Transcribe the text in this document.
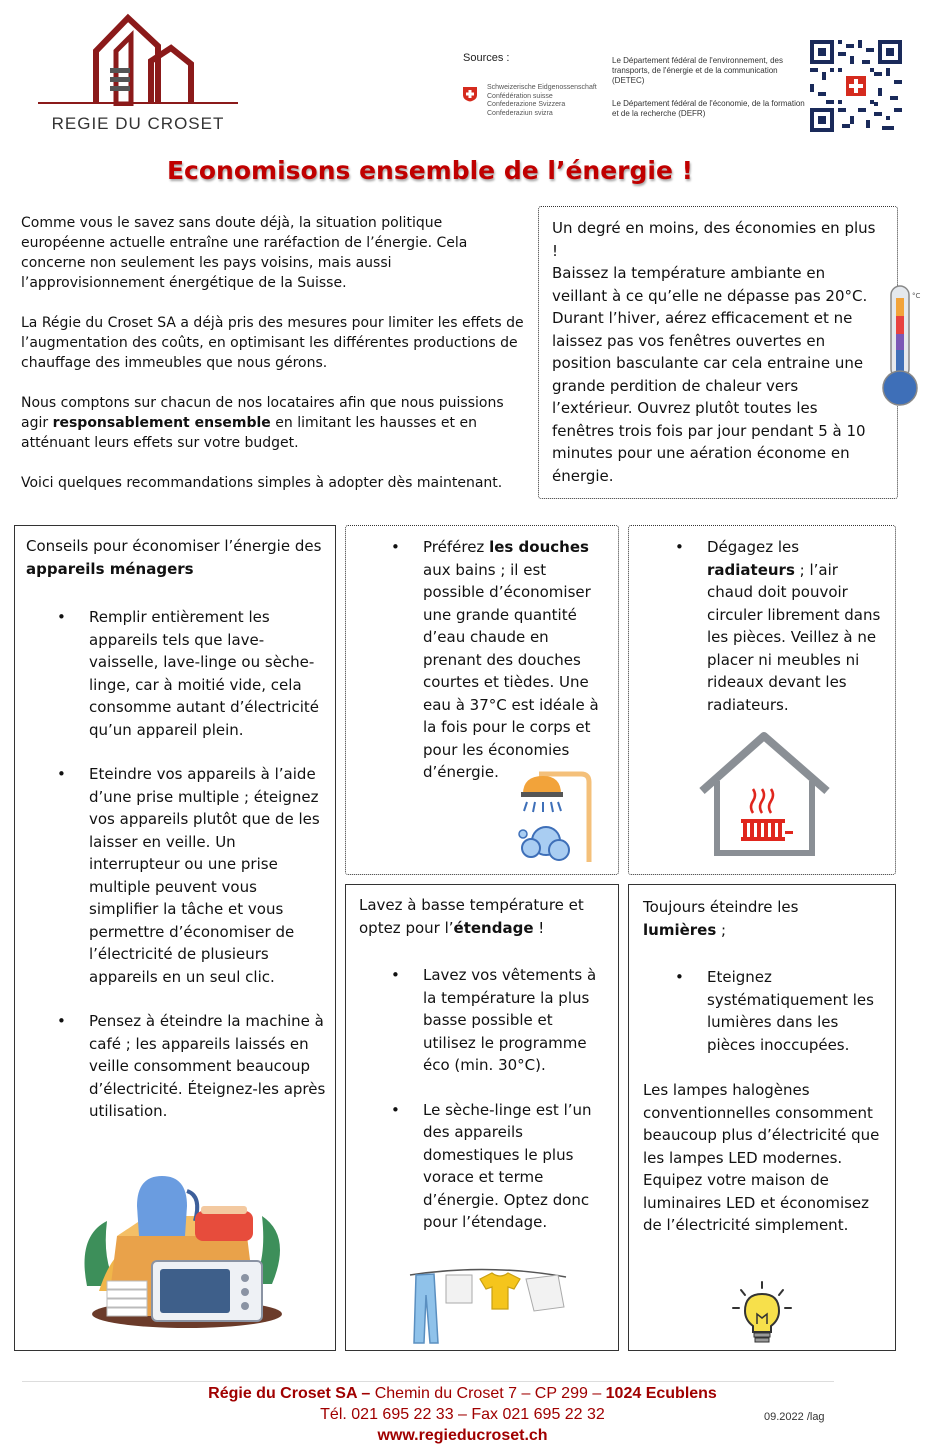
REGIE DU CROSET
Sources :
Schweizerische Eidgenossenschaft
Confédération suisse
Confederazione Svizzera
Confederaziun svizra
Le Département fédéral de l'environnement, des transports, de l'énergie et de la communication (DETEC)
Le Département fédéral de l'économie, de la formation et de la recherche (DEFR)
Economisons ensemble de l’énergie !

Comme vous le savez sans doute déjà, la situation politique européenne actuelle entraîne une raréfaction de l’énergie. Cela concerne non seulement les pays voisins, mais aussi l’approvisionnement énergétique de la Suisse.

La Régie du Croset SA a déjà pris des mesures pour limiter les effets de l’augmentation des coûts, en optimisant les différentes productions de chauffage des immeubles que nous gérons.

Nous comptons sur chacun de nos locataires afin que nous puissions agir responsablement ensemble en limitant les hausses et en atténuant leurs effets sur votre budget.

Voici quelques recommandations simples à adopter dès maintenant.

Un degré en moins, des économies en plus !
Baissez la température ambiante en veillant à ce qu’elle ne dépasse pas 20°C. Durant l’hiver, aérez efficacement et ne laissez pas vos fenêtres ouvertes en position basculante car cela entraine une grande perdition de chaleur vers l’extérieur. Ouvrez plutôt toutes les fenêtres trois fois par jour pendant 5 à 10 minutes pour une aération économe en énergie.
°C
Conseils pour économiser l’énergie des appareils ménagers
• Remplir entièrement les appareils tels que lave-vaisselle, lave-linge ou sèche-linge, car à moitié vide, cela consomme autant d’électricité qu’un appareil plein.
• Eteindre vos appareils à l’aide d’une prise multiple ; éteignez vos appareils plutôt que de les laisser en veille. Un interrupteur ou une prise multiple peuvent vous simplifier la tâche et vous permettre d’économiser de l’électricité de plusieurs appareils en un seul clic.
• Pensez à éteindre la machine à café ; les appareils laissés en veille consomment beaucoup d’électricité. Éteignez-les après utilisation.
• Préférez les douches aux bains ; il est possible d’économiser une grande quantité d’eau chaude en prenant des douches courtes et tièdes. Une eau à 37°C est idéale à la fois pour le corps et pour les économies d’énergie.
• Dégagez les radiateurs ; l’air chaud doit pouvoir circuler librement dans les pièces. Veillez à ne placer ni meubles ni rideaux devant les radiateurs.
Lavez à basse température et optez pour l’étendage !
• Lavez vos vêtements à la température la plus basse possible et utilisez le programme éco (min. 30°C).
• Le sèche-linge est l’un des appareils domestiques le plus vorace et terme d’énergie. Optez donc pour l’étendage.
Toujours éteindre les lumières ;
• Eteignez systématiquement les lumières dans les pièces inoccupées.
Les lampes halogènes conventionnelles consomment beaucoup plus d’électricité que les lampes LED modernes. Equipez votre maison de luminaires LED et économisez de l’électricité simplement.
Régie du Croset SA – Chemin du Croset 7 – CP 299 – 1024 Ecublens
Tél. 021 695 22 33 – Fax 021 695 22 32
www.regieducroset.ch
09.2022 /lag
